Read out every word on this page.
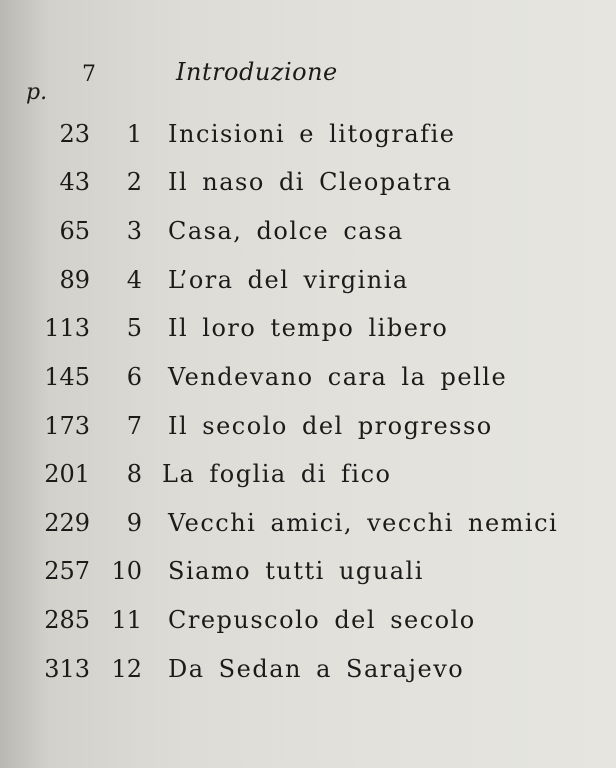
7
p.
Introduzione
23 1 Incisioni e litografie
43 2 Il naso di Cleopatra
65 3 Casa, dolce casa
89 4 L’ora del virginia
113 5 Il loro tempo libero
145 6 Vendevano cara la pelle
173 7 Il secolo del progresso
201 8 La foglia di fico
229 9 Vecchi amici, vecchi nemici
257 10 Siamo tutti uguali
285 11 Crepuscolo del secolo
313 12 Da Sedan a Sarajevo
